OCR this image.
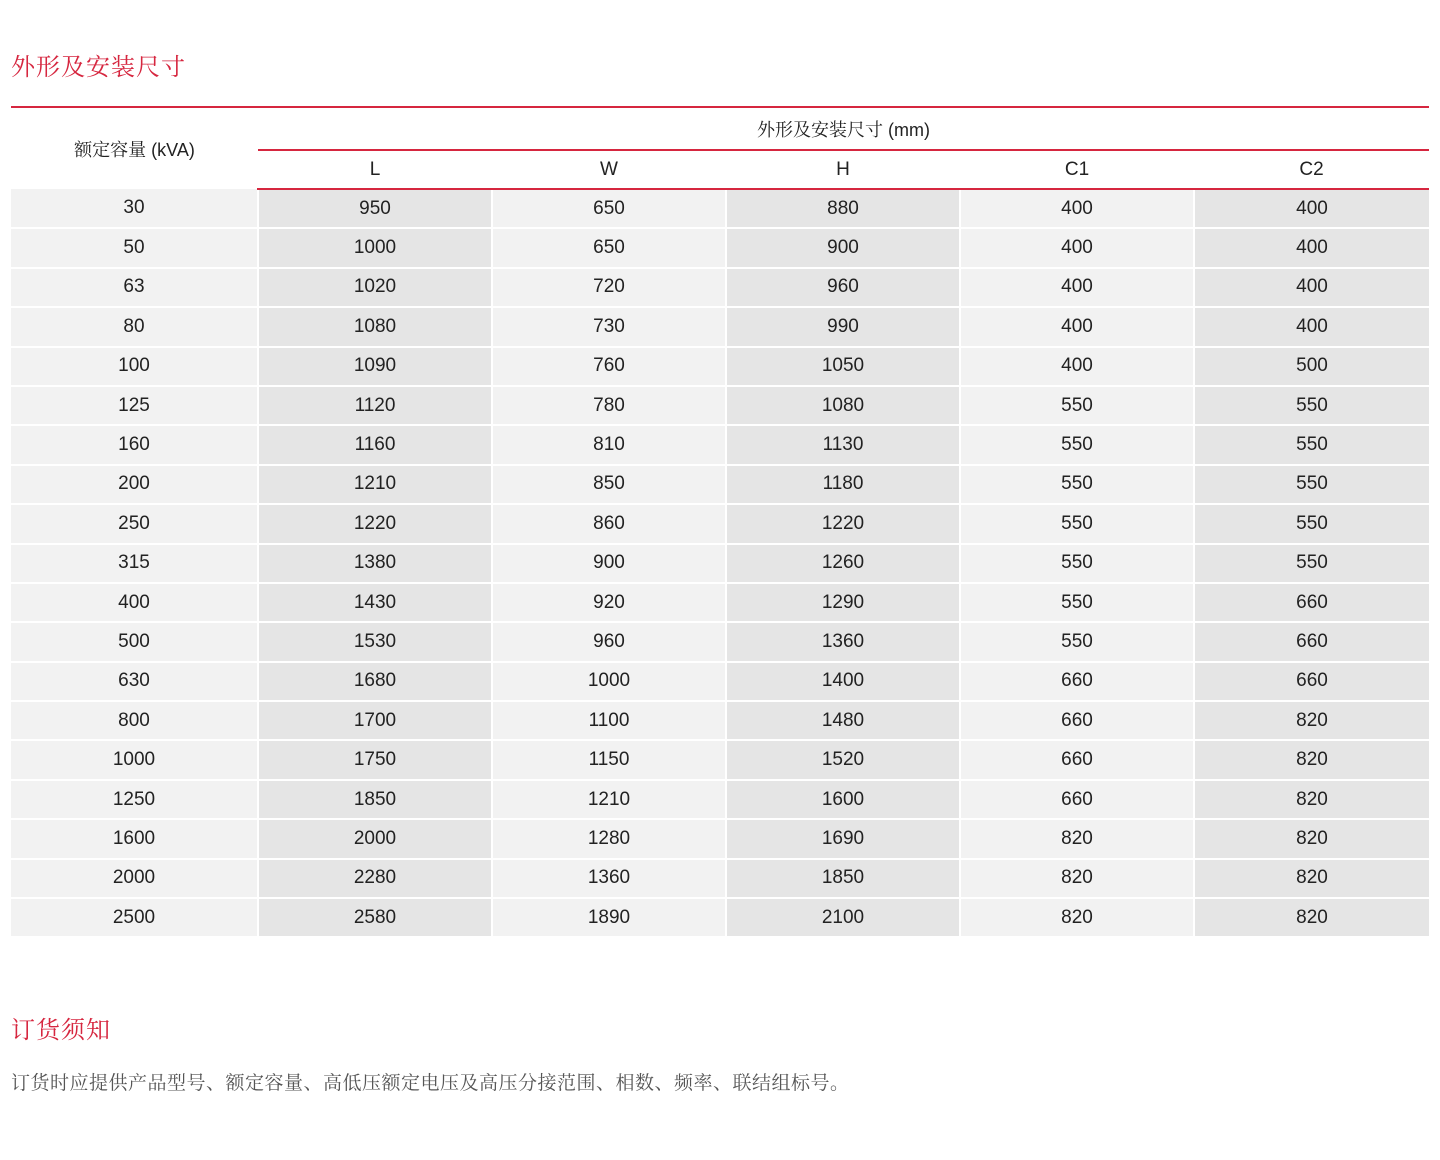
外形及安装尺寸
额定容量 (kVA)	外形及安装尺寸 (mm)				
	L	W	H	C1	C2
30	950	650	880	400	400
50	1000	650	900	400	400
63	1020	720	960	400	400
80	1080	730	990	400	400
100	1090	760	1050	400	500
125	1120	780	1080	550	550
160	1160	810	1130	550	550
200	1210	850	1180	550	550
250	1220	860	1220	550	550
315	1380	900	1260	550	550
400	1430	920	1290	550	660
500	1530	960	1360	550	660
630	1680	1000	1400	660	660
800	1700	1100	1480	660	820
1000	1750	1150	1520	660	820
1250	1850	1210	1600	660	820
1600	2000	1280	1690	820	820
2000	2280	1360	1850	820	820
2500	2580	1890	2100	820	820
订货须知

订货时应提供产品型号、额定容量、高低压额定电压及高压分接范围、相数、频率、联结组标号。
